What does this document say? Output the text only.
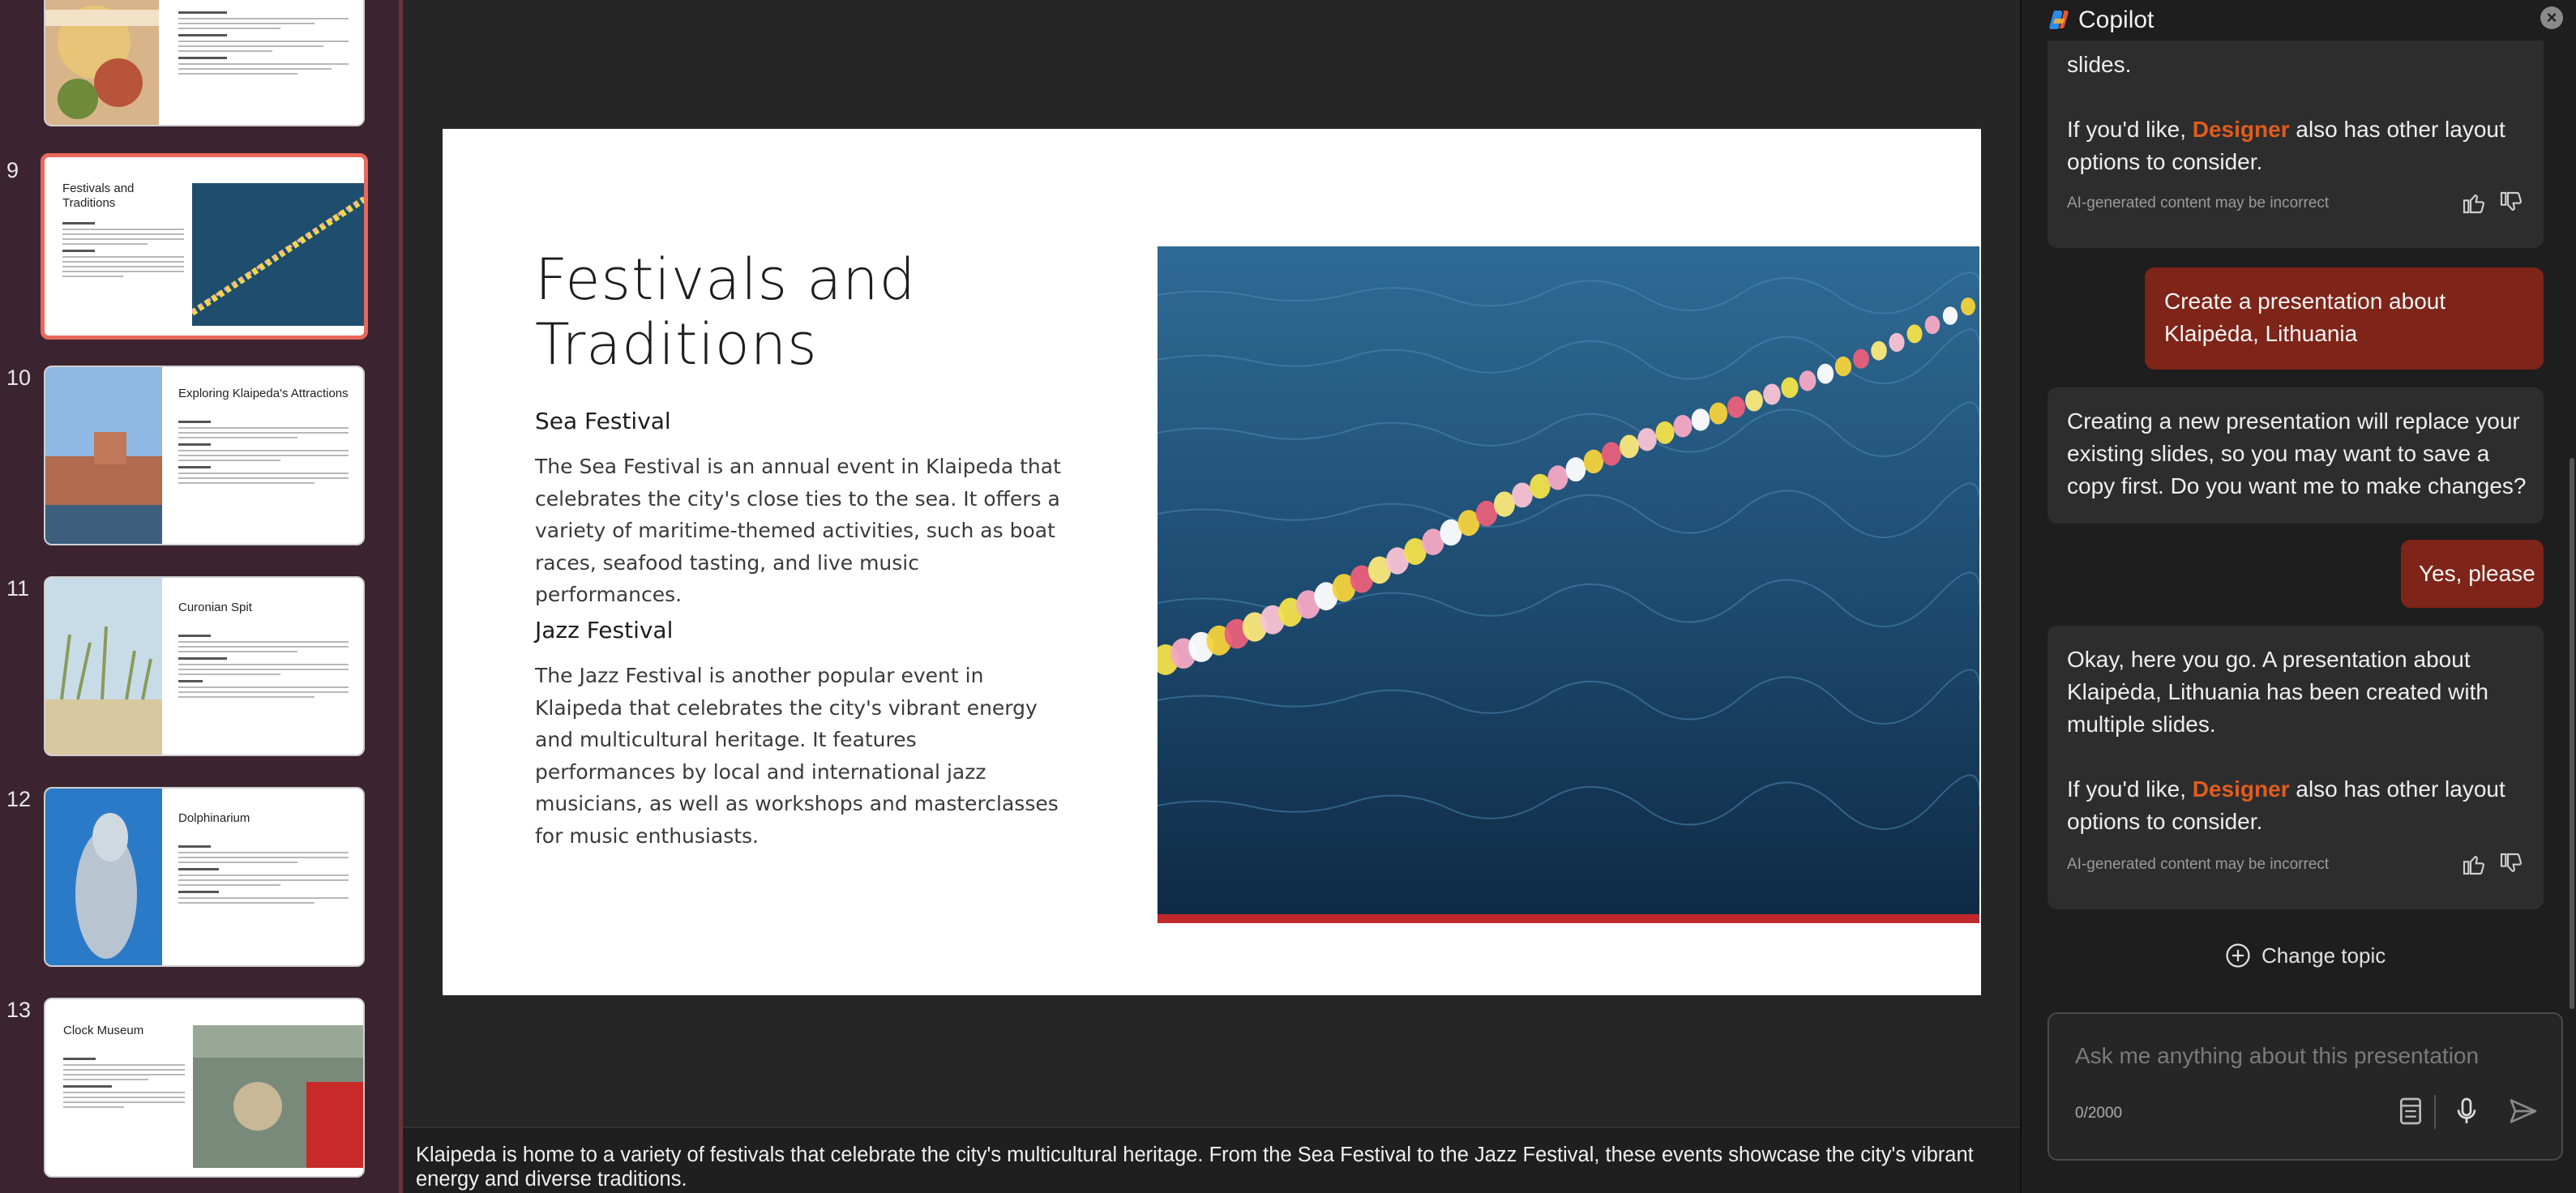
9
Festivals and Traditions
10
Exploring Klaipeda's Attractions
11
Curonian Spit
12
Dolphinarium
13
Clock Museum
Festivals and Traditions
Sea Festival
The Sea Festival is an annual event in Klaipeda that celebrates the city's close ties to the sea. It offers a variety of maritime-themed activities, such as boat races, seafood tasting, and live music performances.
Jazz Festival
The Jazz Festival is another popular event in Klaipeda that celebrates the city's vibrant energy and multicultural heritage. It features performances by local and international jazz musicians, as well as workshops and masterclasses for music enthusiasts.

Klaipeda is home to a variety of festivals that celebrate the city's multicultural heritage. From the Sea Festival to the Jazz Festival, these events showcase the city's vibrant energy and diverse traditions.

slides.
If you'd like, Designer also has other layout options to consider.
AI-generated content may be incorrect
Create a presentation about Klaipėda, Lithuania
Creating a new presentation will replace your existing slides, so you may want to save a copy first. Do you want me to make changes?
Yes, please
Okay, here you go. A presentation about Klaipėda, Lithuania has been created with multiple slides.
If you'd like, Designer also has other layout options to consider.
AI-generated content may be incorrect
Change topic
Ask me anything about this presentation
0/2000
Copilot	×
